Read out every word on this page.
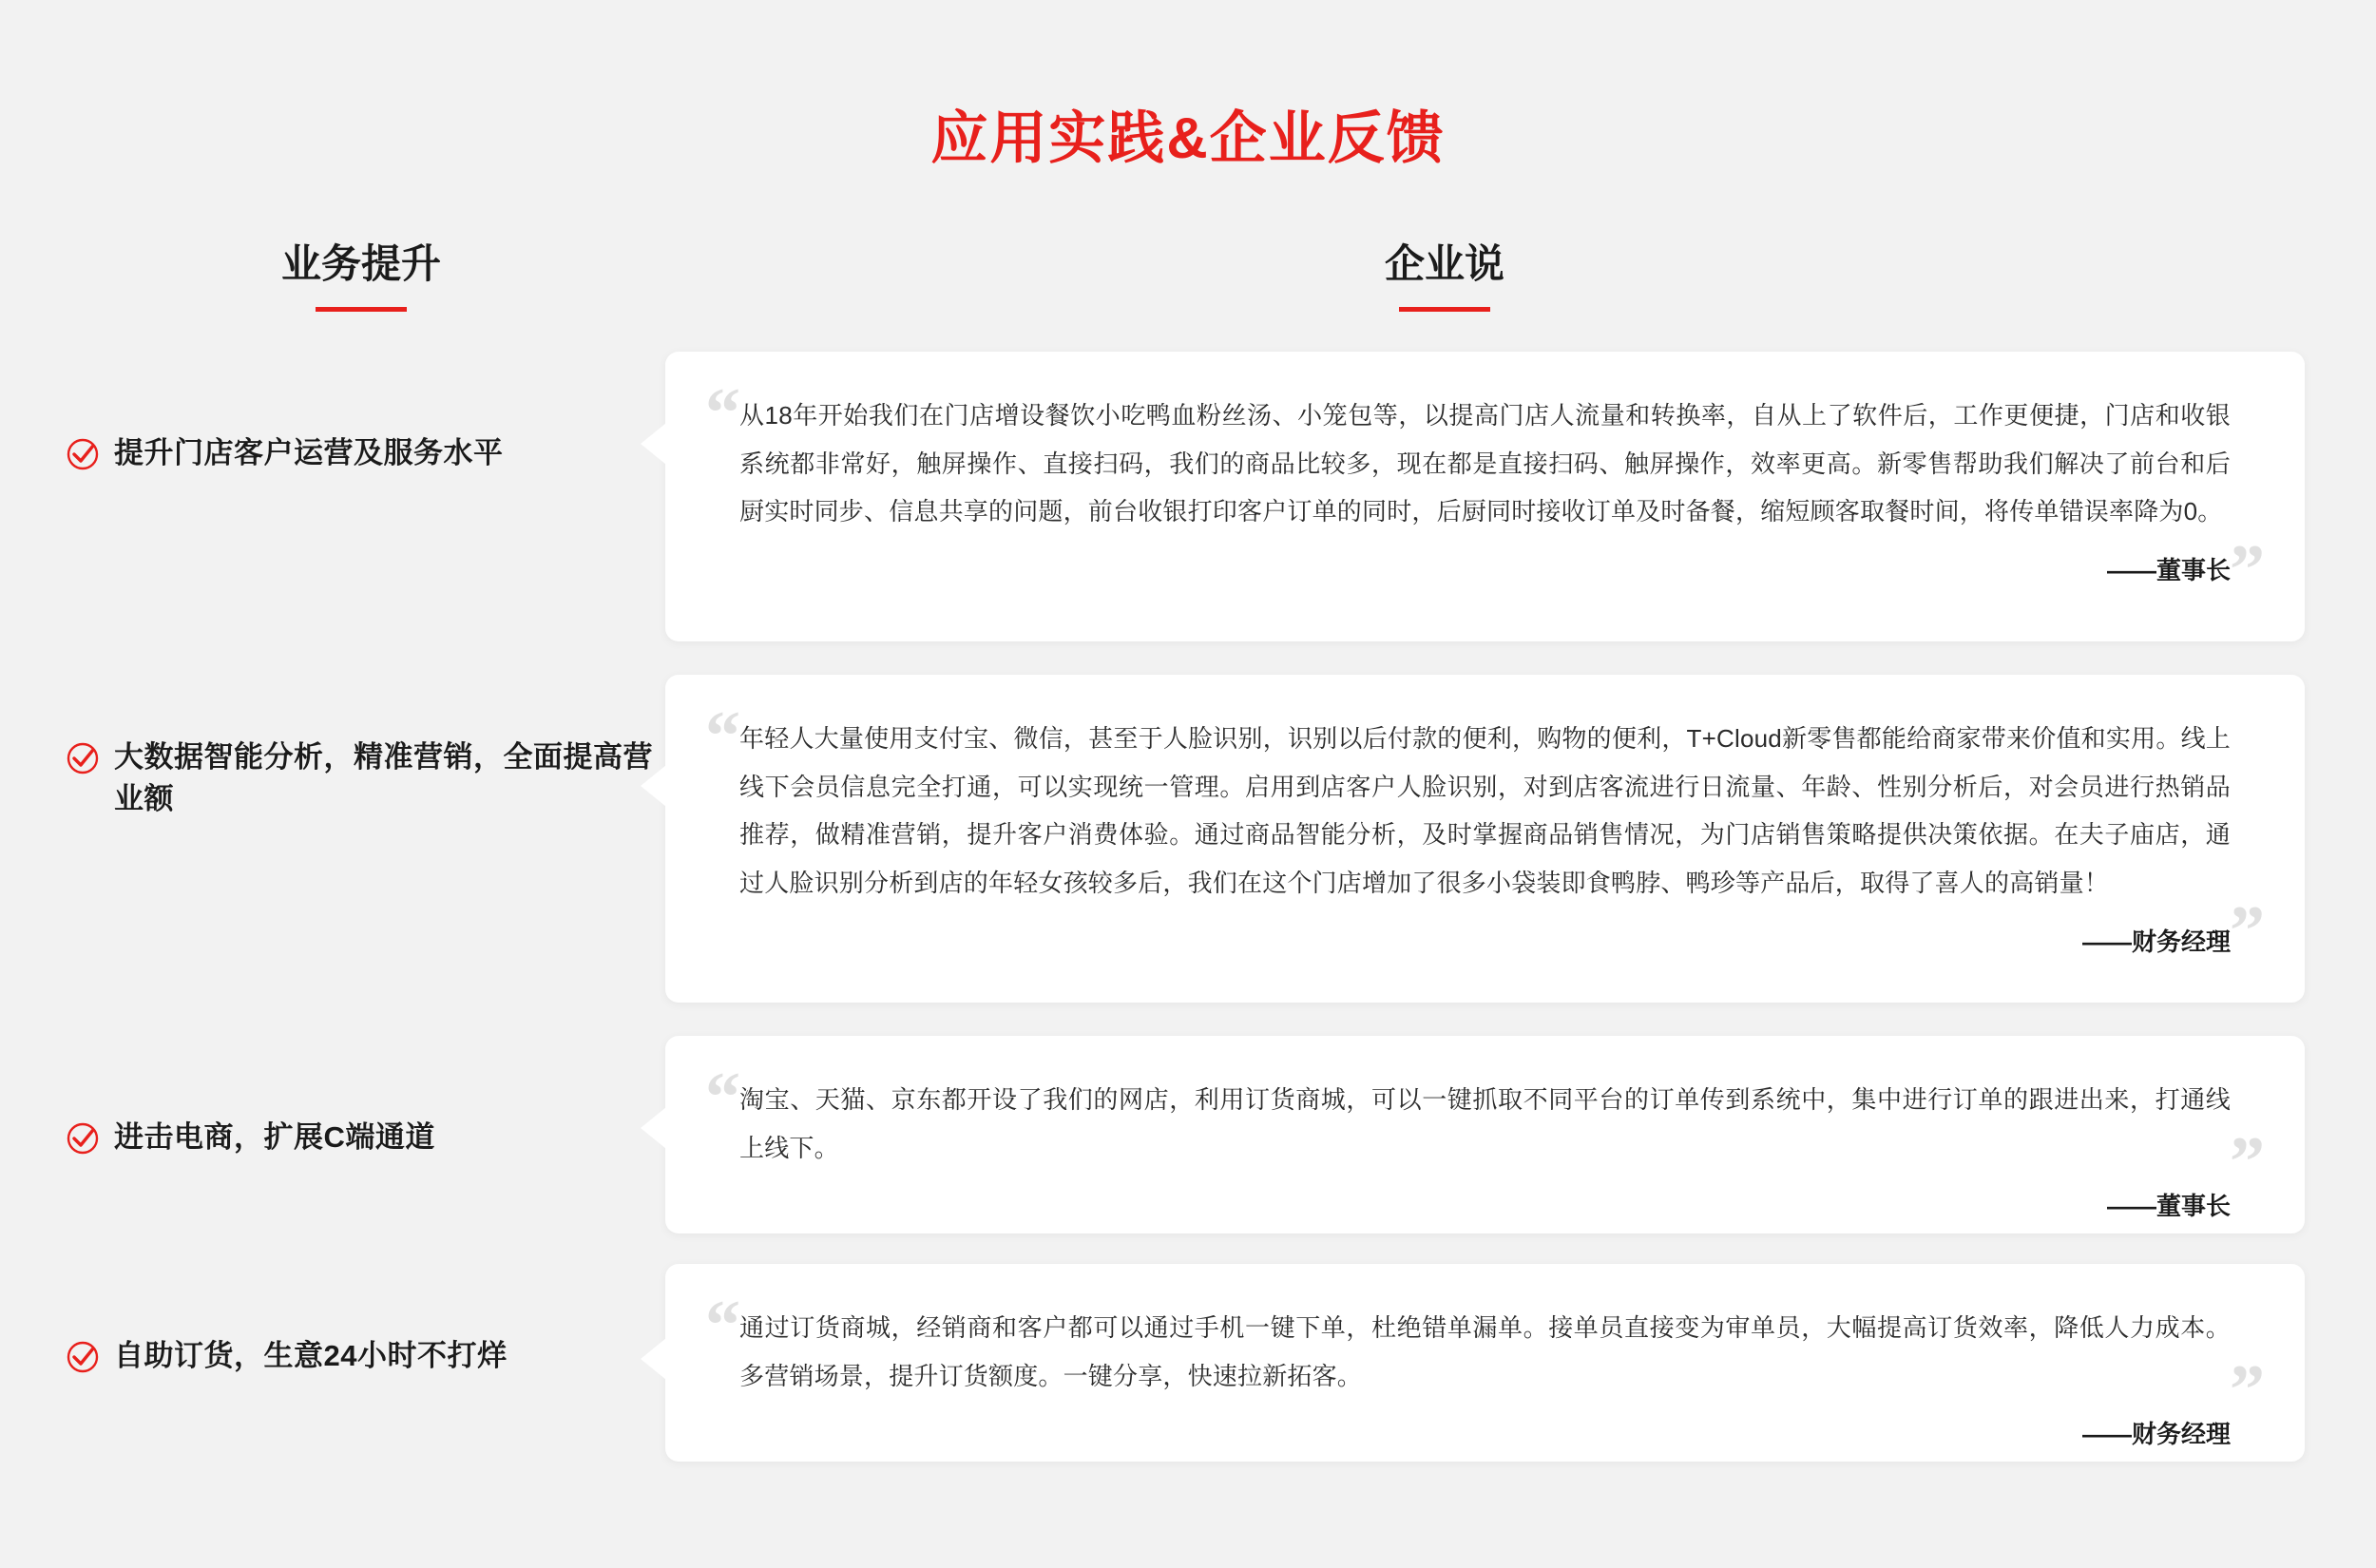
应用实践&企业反馈
业务提升	企业说
提升门店客户运营及服务水平
大数据智能分析，精准营销，全面提高营业额
进击电商，扩展C端通道
自助订货，生意24小时不打烊
“
”
从18年开始我们在门店增设餐饮小吃鸭血粉丝汤、小笼包等，以提高门店人流量和转换率，自从上了软件后，工作更便捷，门店和收银系统都非常好，触屏操作、直接扫码，我们的商品比较多，现在都是直接扫码、触屏操作，效率更高。新零售帮助我们解决了前台和后厨实时同步、信息共享的问题，前台收银打印客户订单的同时，后厨同时接收订单及时备餐，缩短顾客取餐时间，将传单错误率降为0。
——董事长
“
”
年轻人大量使用支付宝、微信，甚至于人脸识别，识别以后付款的便利，购物的便利，T+Cloud新零售都能给商家带来价值和实用。线上线下会员信息完全打通，可以实现统一管理。启用到店客户人脸识别，对到店客流进行日流量、年龄、性别分析后，对会员进行热销品推荐，做精准营销，提升客户消费体验。通过商品智能分析，及时掌握商品销售情况，为门店销售策略提供决策依据。在夫子庙店，通过人脸识别分析到店的年轻女孩较多后，我们在这个门店增加了很多小袋装即食鸭脖、鸭珍等产品后，取得了喜人的高销量！
——财务经理
“
”
淘宝、天猫、京东都开设了我们的网店，利用订货商城，可以一键抓取不同平台的订单传到系统中，集中进行订单的跟进出来，打通线上线下。
——董事长
“
”
通过订货商城，经销商和客户都可以通过手机一键下单，杜绝错单漏单。接单员直接变为审单员，大幅提高订货效率，降低人力成本。多营销场景，提升订货额度。一键分享，快速拉新拓客。
——财务经理
